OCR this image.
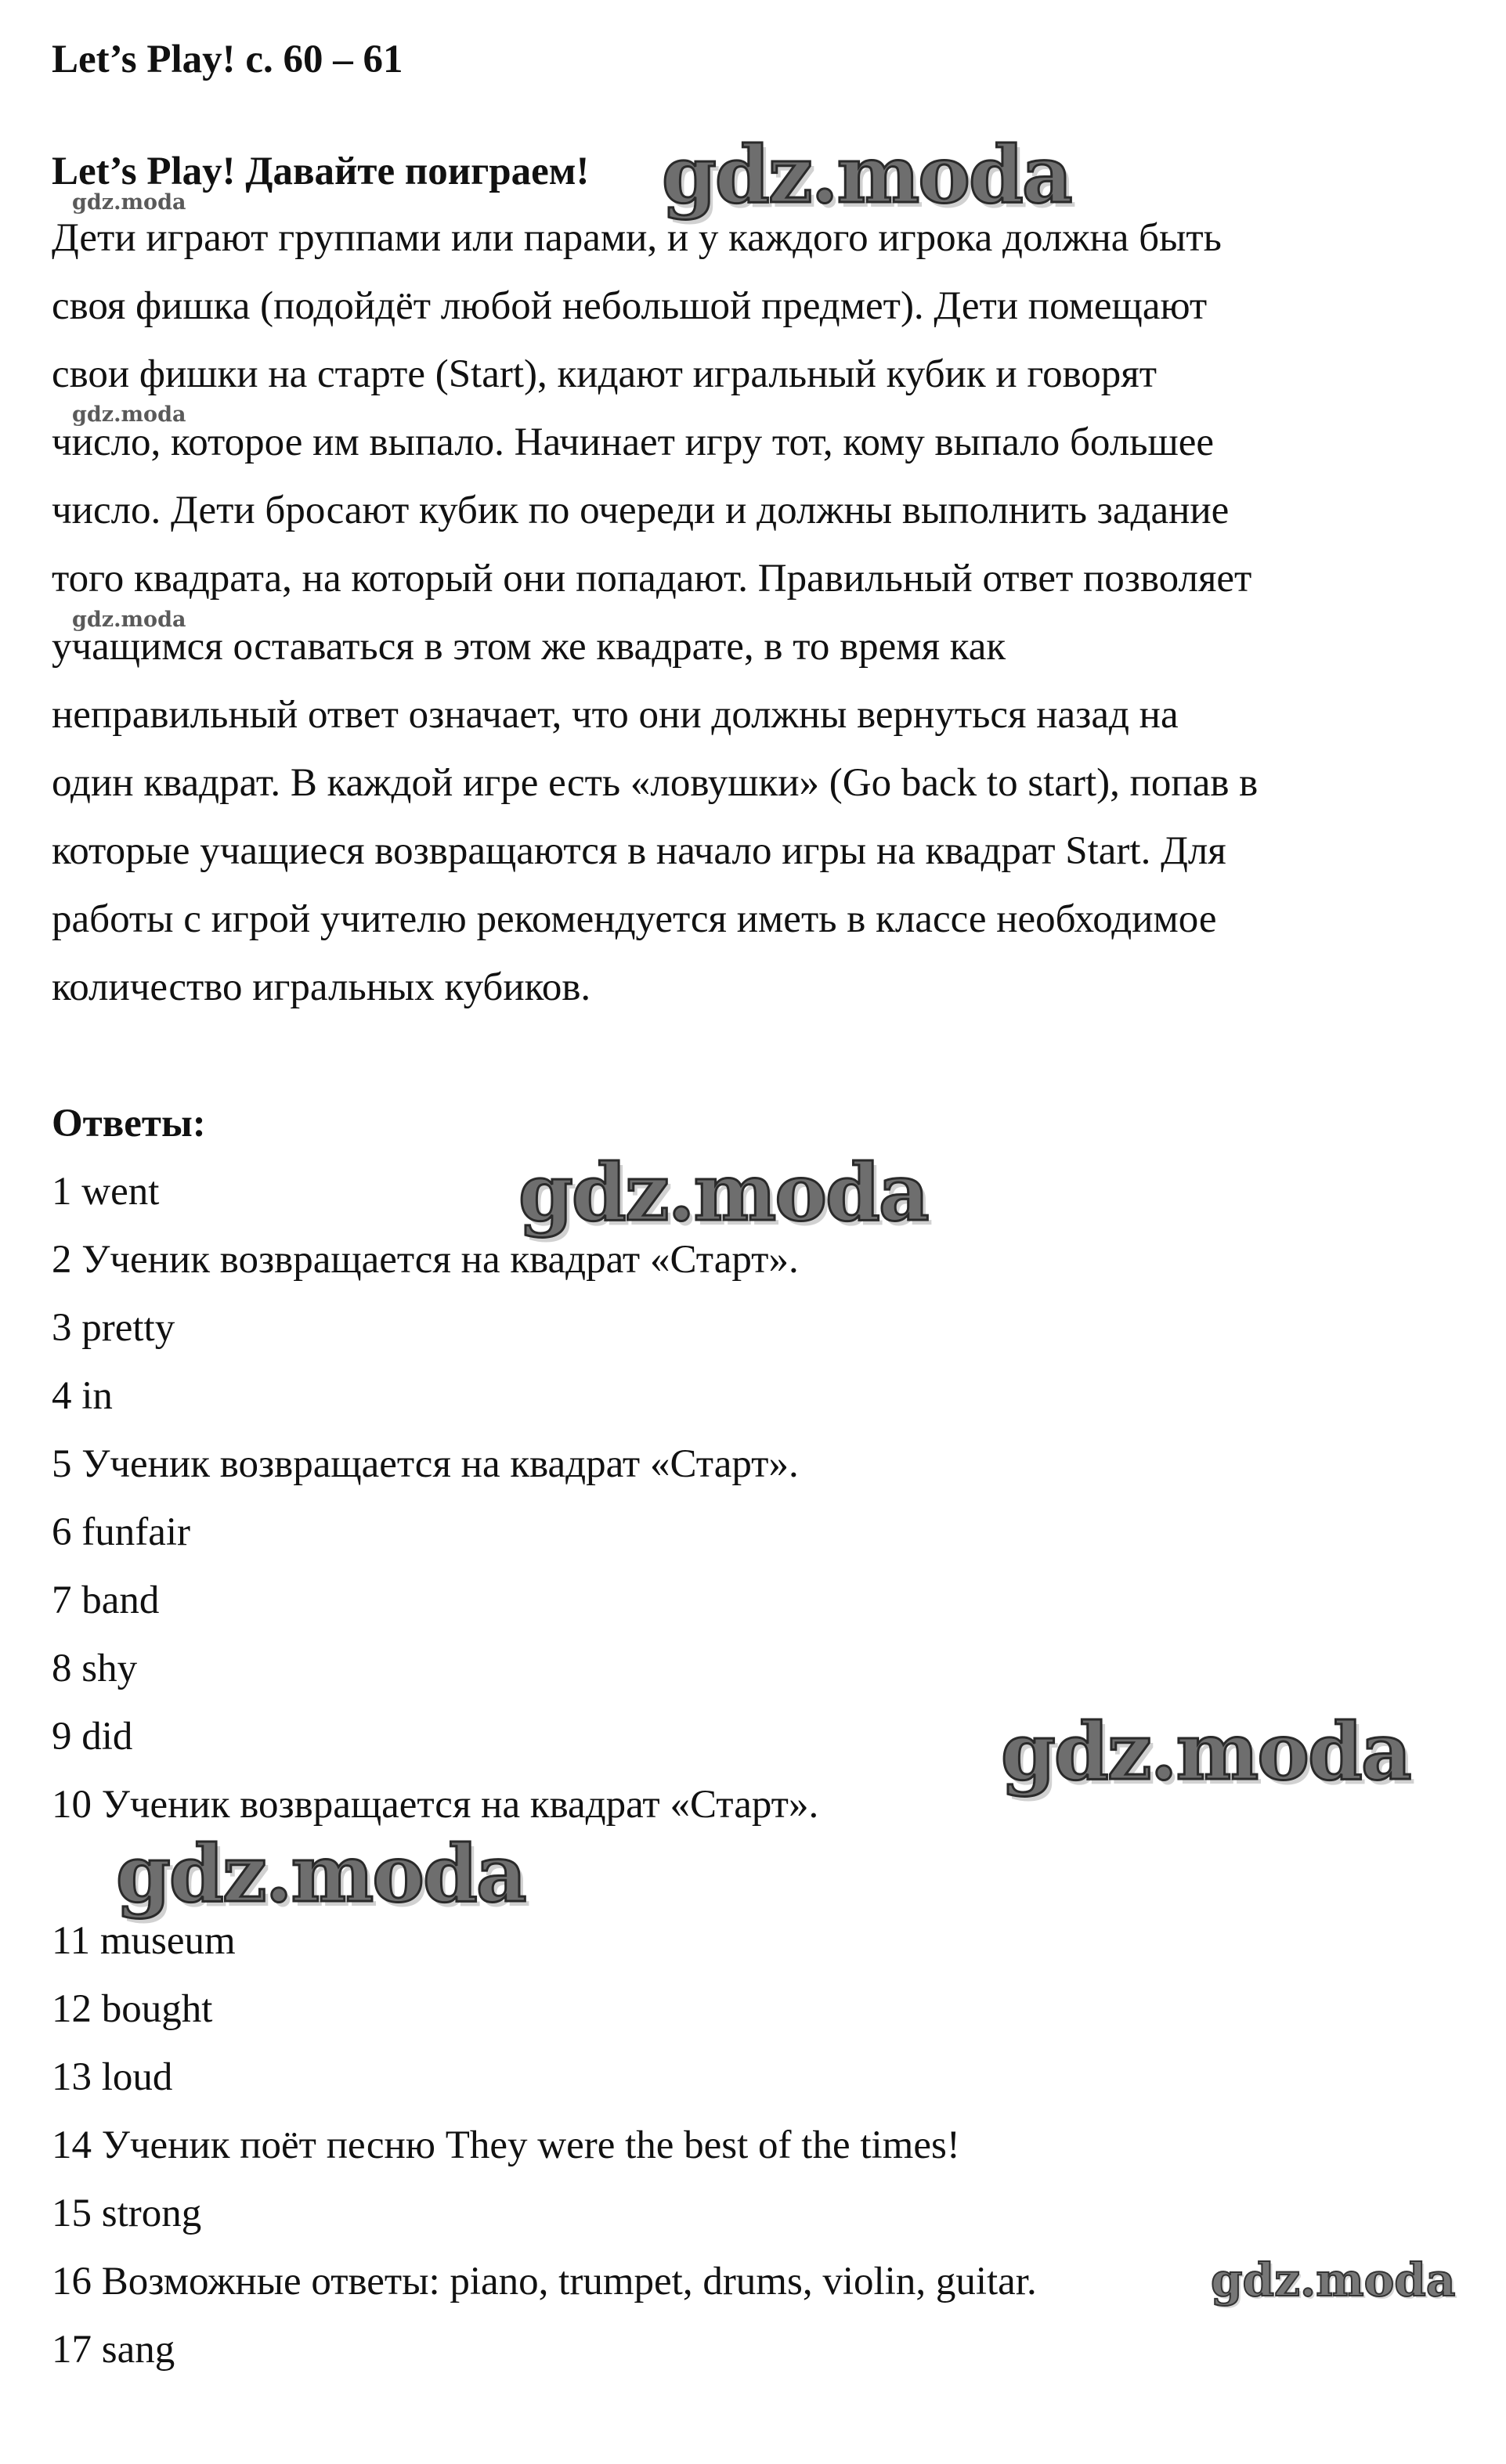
Let’s Play! с. 60 – 61
Let’s Play! Давайте поиграем!
Дети играют группами или парами, и у каждого игрока должна быть
своя фишка (подойдёт любой небольшой предмет). Дети помещают
свои фишки на старте (Start), кидают игральный кубик и говорят
число, которое им выпало. Начинает игру тот, кому выпало большее
число. Дети бросают кубик по очереди и должны выполнить задание
того квадрата, на который они попадают. Правильный ответ позволяет
учащимся оставаться в этом же квадрате, в то время как
неправильный ответ означает, что они должны вернуться назад на
один квадрат. В каждой игре есть «ловушки» (Go back to start), попав в
которые учащиеся возвращаются в начало игры на квадрат Start. Для
работы с игрой учителю рекомендуется иметь в классе необходимое
количество игральных кубиков.
Ответы:
1 went
2 Ученик возвращается на квадрат «Старт».
3 pretty
4 in
5 Ученик возвращается на квадрат «Старт».
6 funfair
7 band
8 shy
9 did
10 Ученик возвращается на квадрат «Старт».
11 museum
12 bought
13 loud
14 Ученик поёт песню They were the best of the times!
15 strong
16 Возможные ответы: piano, trumpet, drums, violin, guitar.
17 sang
gdz.moda
gdz.moda
gdz.moda
gdz.moda
gdz.moda
gdz.moda
gdz.moda
gdz.moda
